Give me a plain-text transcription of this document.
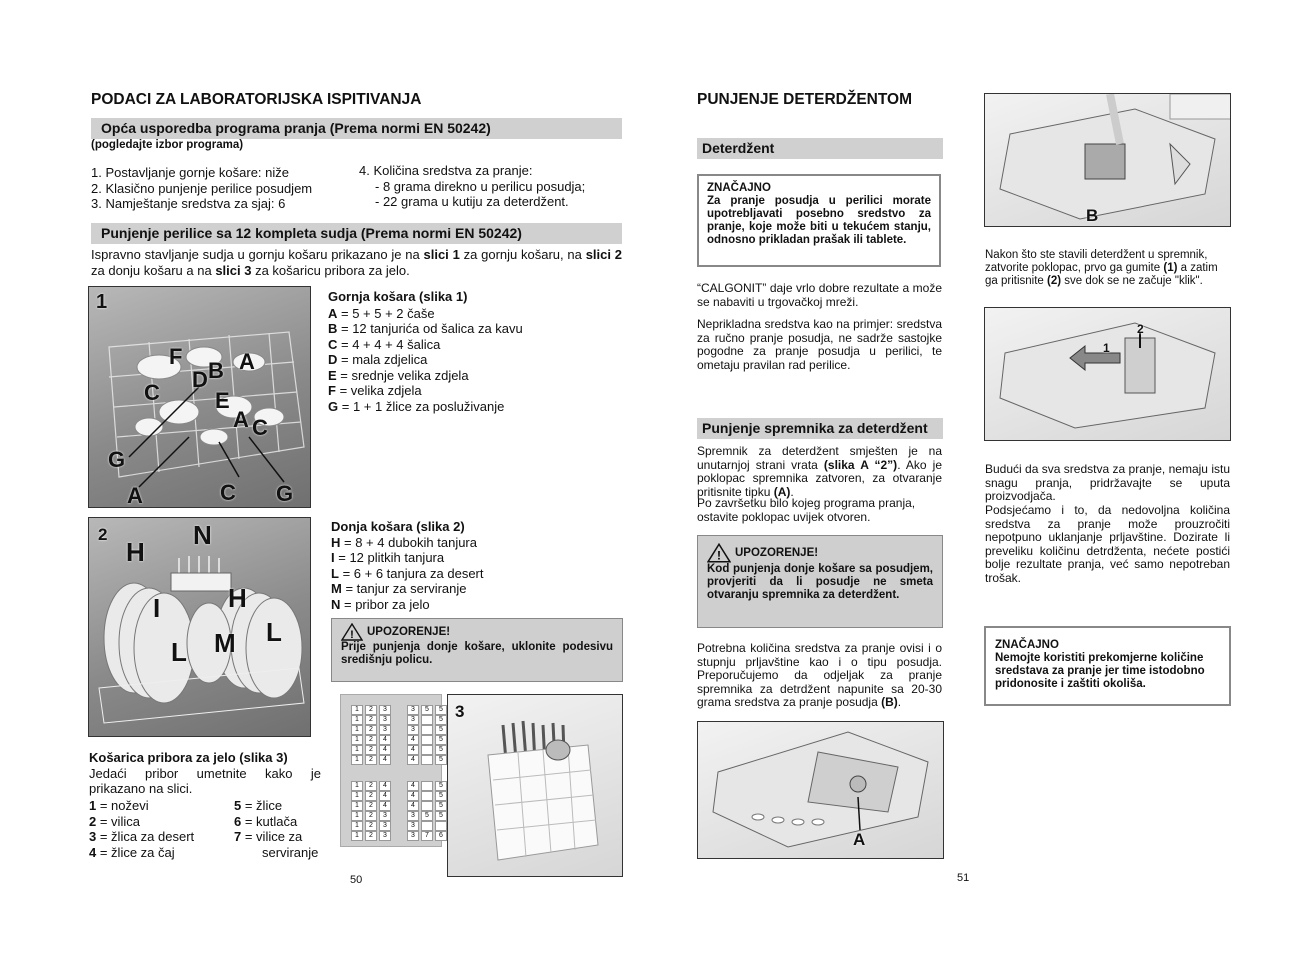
PODACI ZA LABORATORIJSKA ISPITIVANJA
Opća usporedba programa pranja (Prema normi EN 50242)
(pogledajte izbor programa)
1. Postavljanje gornje košare: niže
2. Klasično punjenje perilice posudjem
3. Namještanje sredstva za sjaj: 6
4. Količina sredstva za pranje:
- 8 grama direkno u perilicu posudja;
- 22 grama u kutiju za deterdžent.
Punjenje perilice sa 12 kompleta sudja (Prema normi EN 50242)
Ispravno stavljanje sudja u gornju košaru prikazano je na slici 1 za gornju košaru, na slici 2 za donju košaru a na slici 3 za košaricu pribora za jelo.
1
F
B A
D
C	E
A C
G
A	C G
Gornja košara (slika 1)
A = 5 + 5 + 2 čaše
B = 12 tanjurića od šalica za kavu
C = 4 + 4 + 4 šalica
D = mala zdjelica
E = srednje velika zdjela
F = velika zdjela
G = 1 + 1 žlice za posluživanje
2
H
N
I	H
L
M
L
Donja košara (slika 2)
H = 8 + 4 dubokih tanjura
I = 12 plitkih tanjura
L = 6 + 6 tanjura za desert
M = tanjur za serviranje
N = pribor za jelo
! UPOZORENJE!
Prije punjenja donje košare, uklonite podesivu središnju policu.
1	2	3	3	5	5
1	2	3	3	5
1	2	3	3	5
1	2	4	4	5
1	2	4	4	5
1	2	4	4	5
1	2	4	4	5
1	2	4	4	5
1	2	4	4	5
1	2	3	3	5	5
1	2	3	3
1	2	3	3	7	6
3
Košarica pribora za jelo (slika 3)
Jedaći pribor umetnite kako je prikazano na slici.
1 = noževi
2 = vilica
3 = žlica za desert
4 = žlice za čaj
5 = žlice
6 = kutlača
7 = vilice za
serviranje
50
PUNJENJE DETERDŽENTOM
Deterdžent
ZNAČAJNO
Za pranje posudja u perilici morate upotrebljavati posebno sredstvo za pranje, koje može biti u tekućem stanju, odnosno prikladan prašak ili tablete.
“CALGONIT” daje vrlo dobre rezultate a može se nabaviti u trgovačkoj mreži.
Neprikladna sredstva kao na primjer: sredstva za ručno pranje posudja, ne sadrže sastojke pogodne za pranje posudja u perilici, te ometaju pravilan rad perilice.
Punjenje spremnika za deterdžent
Spremnik za deterdžent smješten je na unutarnjoj strani vrata (slika A “2”). Ako je poklopac spremnika zatvoren, za otvaranje pritisnite tipku (A).
Po završetku bilo kojeg programa pranja, ostavite poklopac uvijek otvoren.
! UPOZORENJE!
Kod punjenja donje košare sa posudjem, provjeriti da li posudje ne smeta otvaranju spremnika za deterdžent.
Potrebna količina sredstva za pranje ovisi i o stupnju prljavštine kao i o tipu posudja. Preporučujemo da odjeljak za pranje spremnika za detrdžent napunite sa 20-30 grama sredstva za pranje posudja (B).
A
B
Nakon što ste stavili deterdžent u spremnik, zatvorite poklopac, prvo ga gumite (1) a zatim ga pritisnite (2) sve dok se ne začuje "klik".
2
1
Budući da sva sredstva za pranje, nemaju istu snagu pranja, pridržavajte se uputa proizvodjača.
Podsjećamo i to, da nedovoljna količina sredstva za pranje može prouzročiti nepotpuno uklanjanje prljavštine. Dozirate li preveliku količinu detrdženta, nećete postići bolje rezultate pranja, već samo nepotreban trošak.
ZNAČAJNO
Nemojte koristiti prekomjerne količine sredstava za pranje jer time istodobno pridonosite i zaštiti okoliša.
51
